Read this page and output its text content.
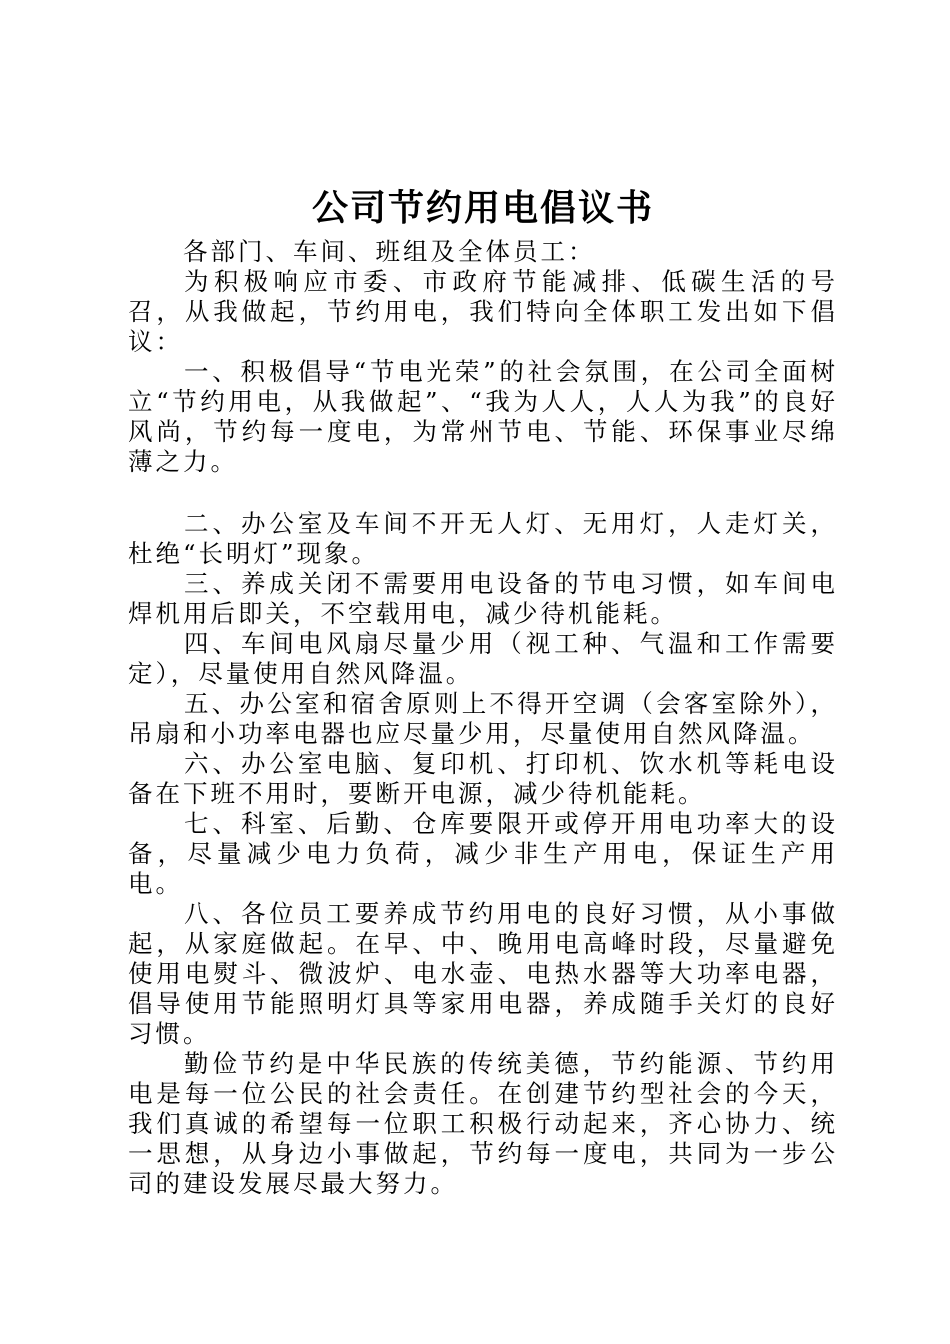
公司节约用电倡议书

各部门、车间、班组及全体员工：

为积极响应市委、市政府节能减排、低碳生活的号召，从我做起，节约用电，我们特向全体职工发出如下倡议：

一、积极倡导“节电光荣”的社会氛围，在公司全面树立“节约用电，从我做起”、“我为人人，人人为我”的良好风尚，节约每一度电，为常州节电、节能、环保事业尽绵薄之力。

二、办公室及车间不开无人灯、无用灯，人走灯关，杜绝“长明灯”现象。

三、养成关闭不需要用电设备的节电习惯，如车间电焊机用后即关，不空载用电，减少待机能耗。

四、车间电风扇尽量少用（视工种、气温和工作需要定），尽量使用自然风降温。

五、办公室和宿舍原则上不得开空调（会客室除外），吊扇和小功率电器也应尽量少用，尽量使用自然风降温。

六、办公室电脑、复印机、打印机、饮水机等耗电设备在下班不用时，要断开电源，减少待机能耗。

七、科室、后勤、仓库要限开或停开用电功率大的设备，尽量减少电力负荷，减少非生产用电，保证生产用电。

八、各位员工要养成节约用电的良好习惯，从小事做起，从家庭做起。在早、中、晚用电高峰时段，尽量避免使用电熨斗、微波炉、电水壶、电热水器等大功率电器，倡导使用节能照明灯具等家用电器，养成随手关灯的良好习惯。

勤俭节约是中华民族的传统美德，节约能源、节约用电是每一位公民的社会责任。在创建节约型社会的今天，我们真诚的希望每一位职工积极行动起来，齐心协力、统一思想，从身边小事做起，节约每一度电，共同为一步公司的建设发展尽最大努力。
